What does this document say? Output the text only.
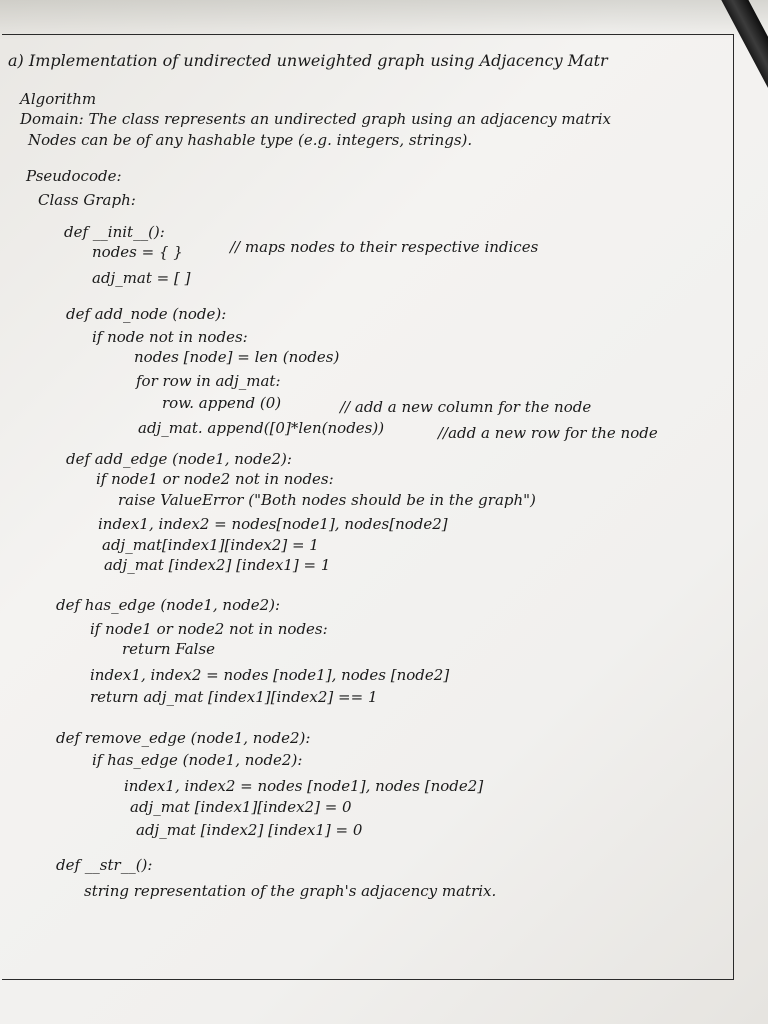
a) Implementation of undirected unweighted graph using Adjacency Matr
Algorithm
Domain: The class represents an undirected graph using an adjacency matrix
Nodes can be of any hashable type (e.g. integers, strings).
Pseudocode:
Class Graph:
def __init__():
nodes = { }	// maps nodes to their respective indices
adj_mat = [ ]
def add_node (node):
if node not in nodes:
nodes [node] = len (nodes)
for row in adj_mat:
row. append (0)	// add a new column for the node
adj_mat. append([0]*len(nodes))	//add a new row for the node
def add_edge (node1, node2):
if node1 or node2 not in nodes:
raise ValueError ("Both nodes should be in the graph")
index1, index2 = nodes[node1], nodes[node2]
adj_mat[index1][index2] = 1
adj_mat [index2] [index1] = 1
def has_edge (node1, node2):
if node1 or node2 not in nodes:
return False
index1, index2 = nodes [node1], nodes [node2]
return adj_mat [index1][index2] == 1
def remove_edge (node1, node2):
if has_edge (node1, node2):
index1, index2 = nodes [node1], nodes [node2]
adj_mat [index1][index2] = 0
adj_mat [index2] [index1] = 0
def __str__():
string representation of the graph's adjacency matrix.
